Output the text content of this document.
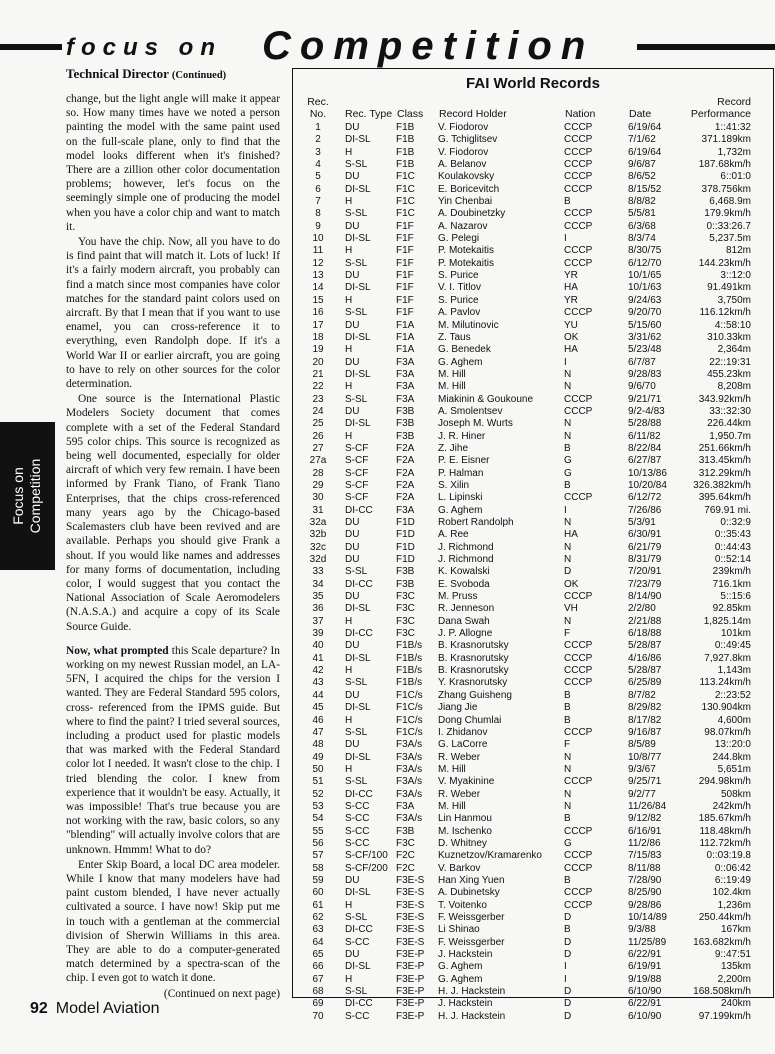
focus on Competition
Technical Director (Continued)

change, but the light angle will make it appear so. How many times have we noted a person painting the model with the same paint used on the full-scale plane, only to find that the model looks different when it's finished? There are a zillion other color documentation problems; however, let's focus on the seemingly simple one of producing the model when you have a color chip and want to match it.

You have the chip. Now, all you have to do is find paint that will match it. Lots of luck! If it's a fairly modern aircraft, you probably can find a match since most companies have color matches for the standard paint colors used on aircraft. By that I mean that if you want to use enamel, you can cross-reference it to everything, even Randolph dope. If it's a World War II or earlier aircraft, you are going to have to rely on other sources for the color determination.

One source is the International Plastic Modelers Society document that comes complete with a set of the Federal Standard 595 color chips. This source is recognized as being well documented, especially for older aircraft of which very few remain. I have been informed by Frank Tiano, of Frank Tiano Enterprises, that the chips cross-referenced many years ago by the Chicago-based Scalemasters club have been revived and are available. Perhaps you should give Frank a shout. If you would like names and addresses for many forms of documentation, including color, I would suggest that you contact the National Association of Scale Aeromodelers (N.A.S.A.) and acquire a copy of its Scale Source Guide.

Now, what prompted this Scale departure? In working on my newest Russian model, an LA-5FN, I acquired the chips for the version I wanted. They are Federal Standard 595 colors, cross- referenced from the IPMS guide. But where to find the paint? I tried several sources, including a product used for plastic models that was marked with the Federal Standard color lot I needed. It wasn't close to the chip. I tried blending the color. I knew from experience that it wouldn't be easy. Actually, it was impossible! That's true because you are not working with the raw, basic colors, so any "blending" will actually involve colors that are unknown. Hmmm! What to do?

Enter Skip Board, a local DC area modeler. While I know that many modelers have had paint custom blended, I have never actually cultivated a source. I have now! Skip put me in touch with a gentleman at the commercial division of Sherwin Williams in this area. They are able to do a computer-generated match determined by a spectra-scan of the chip. I even got to watch it done.

(Continued on next page)

Focus on Competition
FAI World Records
Rec. No.	Rec. Type	Class	Record Holder	Nation	Date	Record Performance
1	DU	F1B	V. Fiodorov	CCCP	6/19/64	1::41:32
2	DI-SL	F1B	G. Tchiglitsev	CCCP	7/1/62	371.189km
3	H	F1B	V. Fiodorov	CCCP	6/19/64	1,732m
4	S-SL	F1B	A. Belanov	CCCP	9/6/87	187.68km/h
5	DU	F1C	Koulakovsky	CCCP	8/6/52	6::01:0
6	DI-SL	F1C	E. Boricevitch	CCCP	8/15/52	378.756km
7	H	F1C	Yin Chenbai	B	8/8/82	6,468.9m
8	S-SL	F1C	A. Doubinetzky	CCCP	5/5/81	179.9km/h
9	DU	F1F	A. Nazarov	CCCP	6/3/68	0::33:26.7
10	DI-SL	F1F	G. Pelegi	I	8/3/74	5,237.5m
11	H	F1F	P. Motekaitis	CCCP	8/30/75	812m
12	S-SL	F1F	P. Motekaitis	CCCP	6/12/70	144.23km/h
13	DU	F1F	S. Purice	YR	10/1/65	3::12:0
14	DI-SL	F1F	V. I. Titlov	HA	10/1/63	91.491km
15	H	F1F	S. Purice	YR	9/24/63	3,750m
16	S-SL	F1F	A. Pavlov	CCCP	9/20/70	116.12km/h
17	DU	F1A	M. Milutinovic	YU	5/15/60	4::58:10
18	DI-SL	F1A	Z. Taus	OK	3/31/62	310.33km
19	H	F1A	G. Benedek	HA	5/23/48	2,364m
20	DU	F3A	G. Aghem	I	6/7/87	22::19:31
21	DI-SL	F3A	M. Hill	N	9/28/83	455.23km
22	H	F3A	M. Hill	N	9/6/70	8,208m
23	S-SL	F3A	Miakinin & Goukoune	CCCP	9/21/71	343.92km/h
24	DU	F3B	A. Smolentsev	CCCP	9/2-4/83	33::32:30
25	DI-SL	F3B	Joseph M. Wurts	N	5/28/88	226.44km
26	H	F3B	J. R. Hiner	N	6/11/82	1,950.7m
27	S-CF	F2A	Z. Jihe	B	8/22/84	251.66km/h
27a	S-CF	F2A	P. E. Eisner	G	6/27/87	313.45km/h
28	S-CF	F2A	P. Halman	G	10/13/86	312.29km/h
29	S-CF	F2A	S. Xilin	B	10/20/84	326.382km/h
30	S-CF	F2A	L. Lipinski	CCCP	6/12/72	395.64km/h
31	DI-CC	F3A	G. Aghem	I	7/26/86	769.91 mi.
32a	DU	F1D	Robert Randolph	N	5/3/91	0::32:9
32b	DU	F1D	A. Ree	HA	6/30/91	0::35:43
32c	DU	F1D	J. Richmond	N	6/21/79	0::44:43
32d	DU	F1D	J. Richmond	N	8/31/79	0::52:14
33	S-SL	F3B	K. Kowalski	D	7/20/91	239km/h
34	DI-CC	F3B	E. Svoboda	OK	7/23/79	716.1km
35	DU	F3C	M. Pruss	CCCP	8/14/90	5::15:6
36	DI-SL	F3C	R. Jenneson	VH	2/2/80	92.85km
37	H	F3C	Dana Swah	N	2/21/88	1,825.14m
39	DI-CC	F3C	J. P. Allogne	F	6/18/88	101km
40	DU	F1B/s	B. Krasnorutsky	CCCP	5/28/87	0::49:45
41	DI-SL	F1B/s	B. Krasnorutsky	CCCP	4/16/86	7,927.8km
42	H	F1B/s	B. Krasnorutsky	CCCP	5/28/87	1,143m
43	S-SL	F1B/s	Y. Krasnorutsky	CCCP	6/25/89	113.24km/h
44	DU	F1C/s	Zhang Guisheng	B	8/7/82	2::23:52
45	DI-SL	F1C/s	Jiang Jie	B	8/29/82	130.904km
46	H	F1C/s	Dong Chumlai	B	8/17/82	4,600m
47	S-SL	F1C/s	I. Zhidanov	CCCP	9/16/87	98.07km/h
48	DU	F3A/s	G. LaCorre	F	8/5/89	13::20:0
49	DI-SL	F3A/s	R. Weber	N	10/8/77	244.8km
50	H	F3A/s	M. Hill	N	9/3/67	5,651m
51	S-SL	F3A/s	V. Myakinine	CCCP	9/25/71	294.98km/h
52	DI-CC	F3A/s	R. Weber	N	9/2/77	508km
53	S-CC	F3A	M. Hill	N	11/26/84	242km/h
54	S-CC	F3A/s	Lin Hanmou	B	9/12/82	185.67km/h
55	S-CC	F3B	M. Ischenko	CCCP	6/16/91	118.48km/h
56	S-CC	F3C	D. Whitney	G	11/2/86	112.72km/h
57	S-CF/100	F2C	Kuznetzov/Kramarenko	CCCP	7/15/83	0::03:19.8
58	S-CF/200	F2C	V. Barkov	CCCP	8/11/88	0::06:42
59	DU	F3E-S	Han Xing Yuen	B	7/28/90	6::19:49
60	DI-SL	F3E-S	A. Dubinetsky	CCCP	8/25/90	102.4km
61	H	F3E-S	T. Voitenko	CCCP	9/28/86	1,236m
62	S-SL	F3E-S	F. Weissgerber	D	10/14/89	250.44km/h
63	DI-CC	F3E-S	Li Shinao	B	9/3/88	167km
64	S-CC	F3E-S	F. Weissgerber	D	11/25/89	163.682km/h
65	DU	F3E-P	J. Hackstein	D	6/22/91	9::47:51
66	DI-SL	F3E-P	G. Aghem	I	6/19/91	135km
67	H	F3E-P	G. Aghem	I	9/19/88	2,200m
68	S-SL	F3E-P	H. J. Hackstein	D	6/10/90	168.508km/h
69	DI-CC	F3E-P	J. Hackstein	D	6/22/91	240km
70	S-CC	F3E-P	H. J. Hackstein	D	6/10/90	97.199km/h
92 Model Aviation
